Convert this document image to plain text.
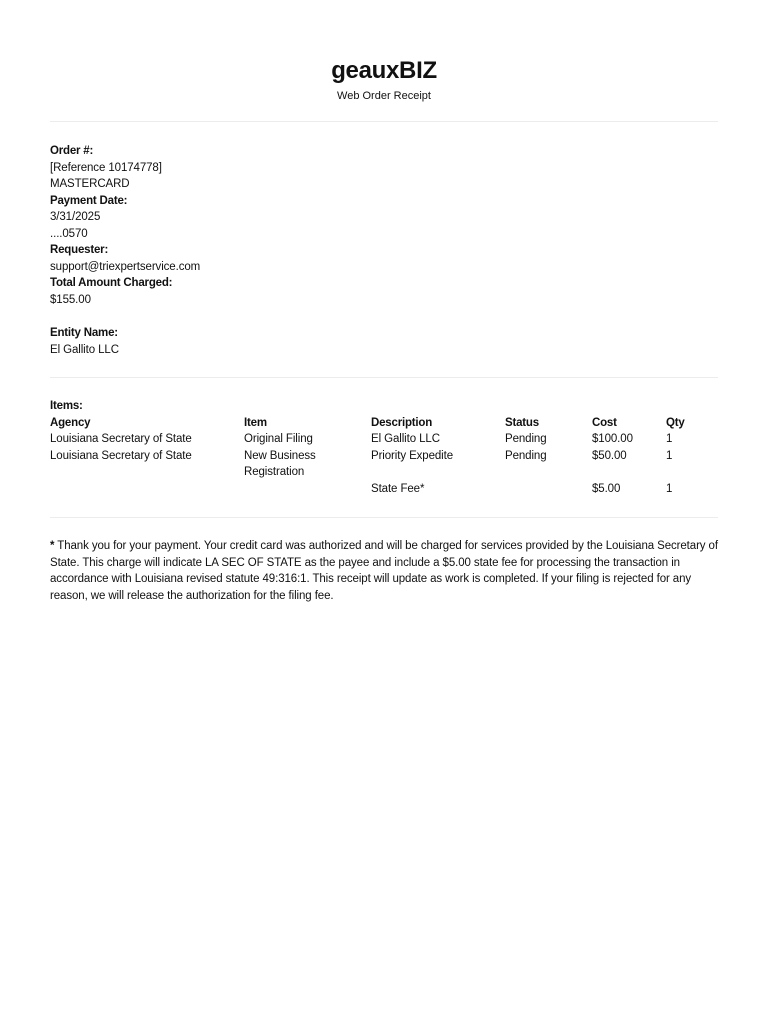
geauxBIZ
Web Order Receipt
Order #:
[Reference 10174778]
MASTERCARD
Payment Date:
3/31/2025
....0570
Requester:
support@triexpertservice.com
Total Amount Charged:
$155.00
Entity Name:
El Gallito LLC
Items:
Agency	Item	Description	Status	Cost	Qty
Louisiana Secretary of State	Original Filing	El Gallito LLC	Pending	$100.00	1
Louisiana Secretary of State	New Business Registration	Priority Expedite	Pending	$50.00	1
		State Fee*		$5.00	1

* Thank you for your payment. Your credit card was authorized and will be charged for services provided by the Louisiana Secretary of State. This charge will indicate LA SEC OF STATE as the payee and include a $5.00 state fee for processing the transaction in accordance with Louisiana revised statute 49:316:1. This receipt will update as work is completed. If your filing is rejected for any reason, we will release the authorization for the filing fee.
